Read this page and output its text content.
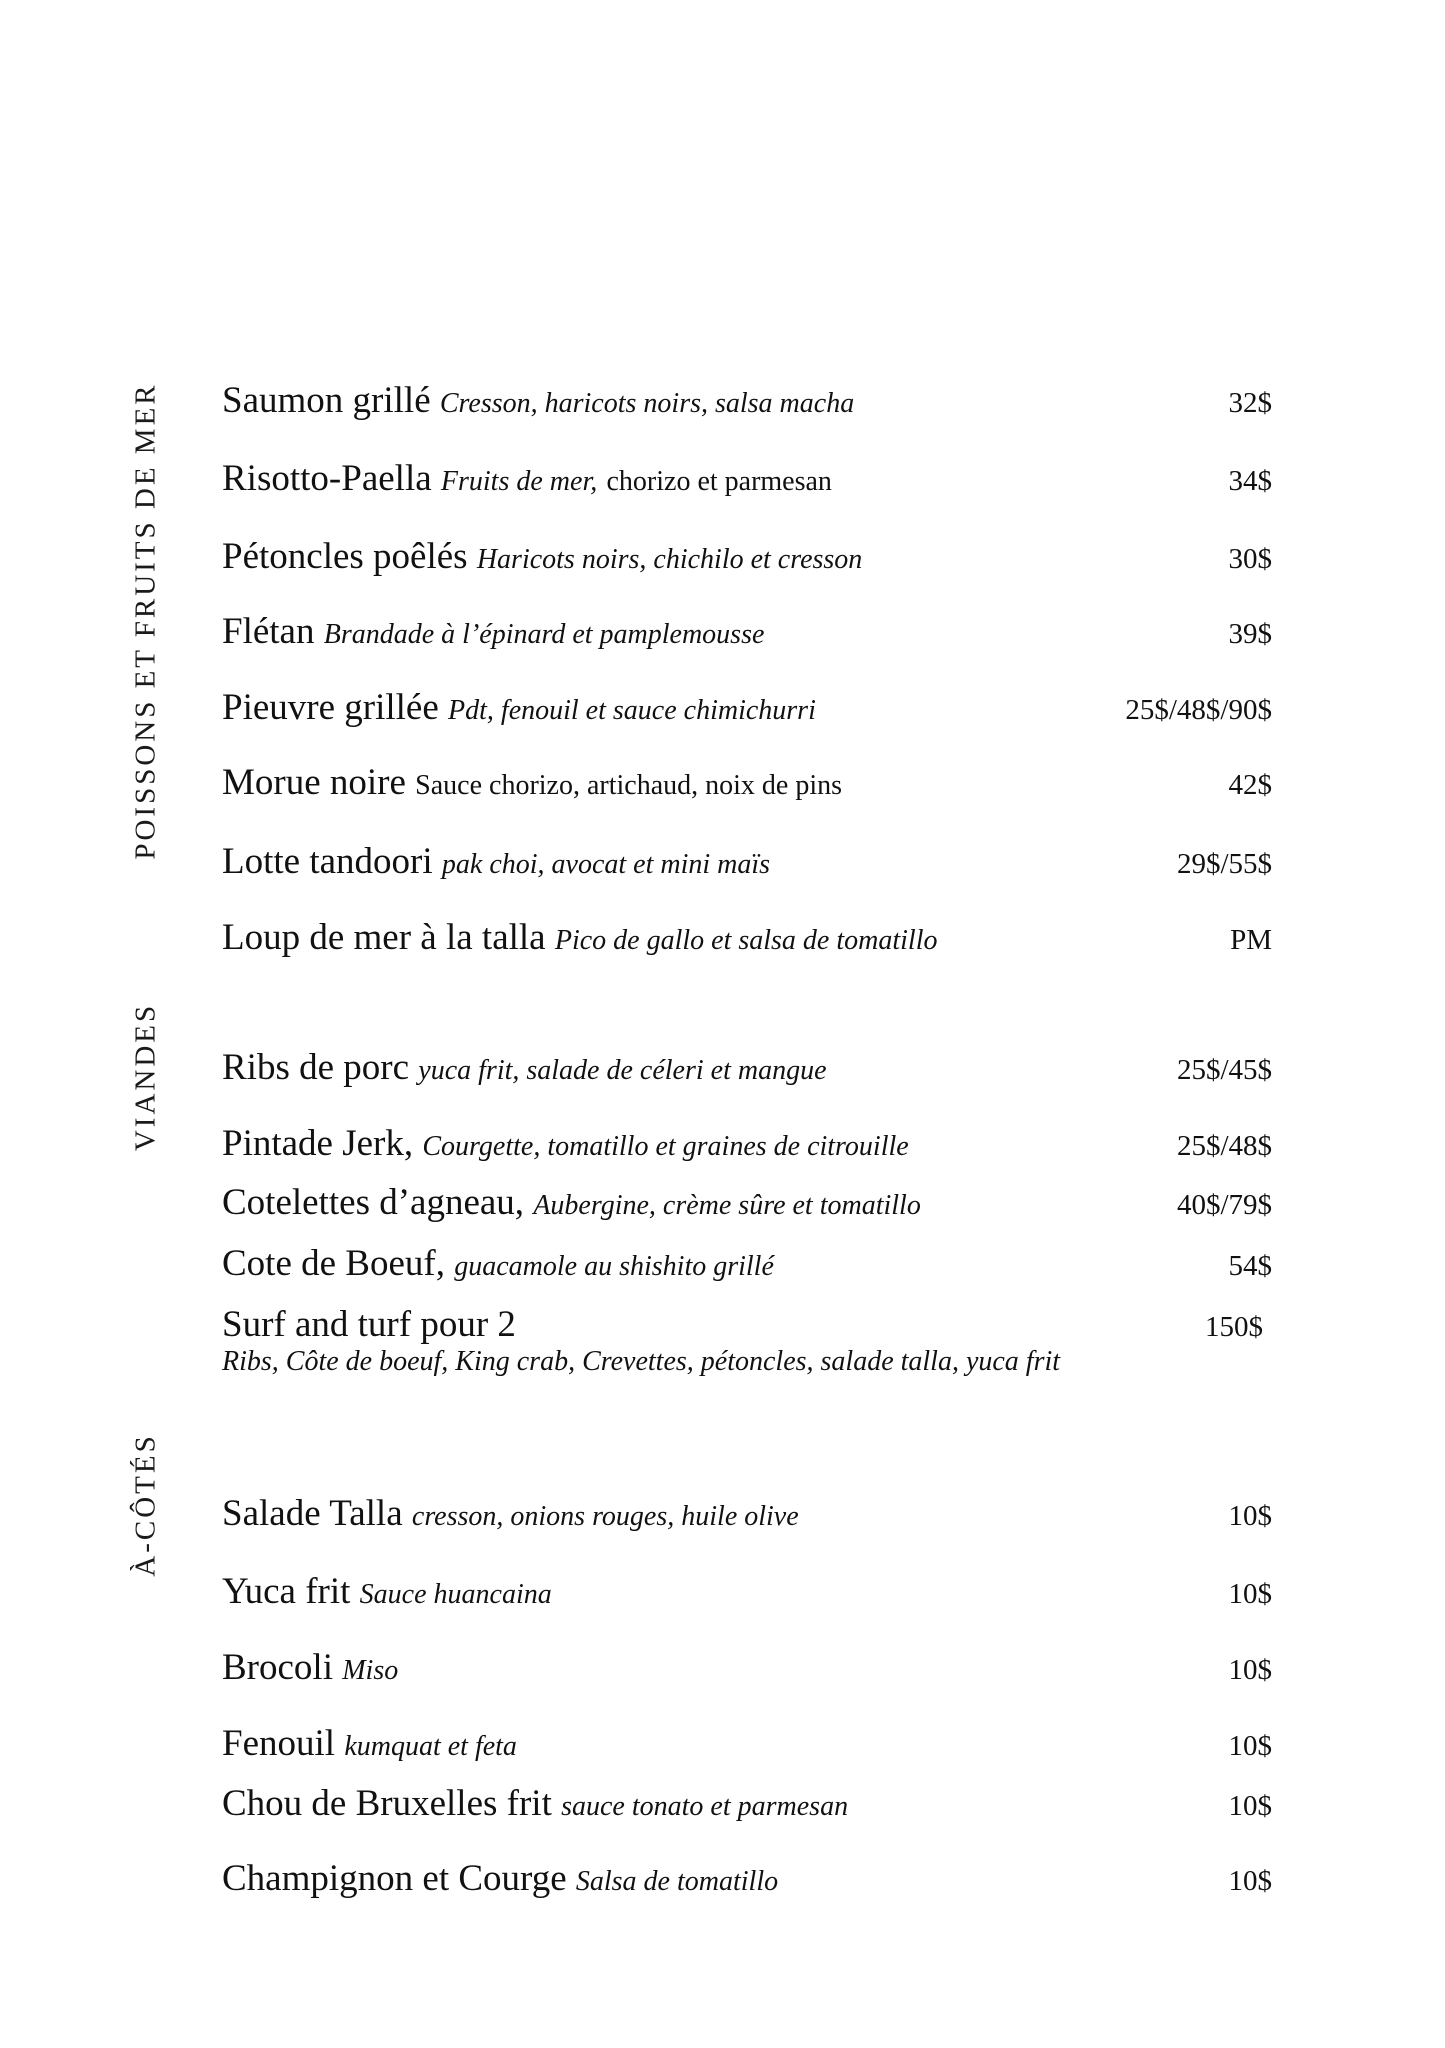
POISSONS ET FRUITS DE MER
VIANDES
À-CÔTÉS
Saumon grillé Cresson, haricots noirs, salsa macha	32$
Risotto-Paella Fruits de mer, chorizo et parmesan	34$
Pétoncles poêlés Haricots noirs, chichilo et cresson	30$
Flétan Brandade à l’épinard et pamplemousse	39$
Pieuvre grillée Pdt, fenouil et sauce chimichurri	25$/48$/90$
Morue noire Sauce chorizo, artichaud, noix de pins	42$
Lotte tandoori pak choi, avocat et mini maïs	29$/55$
Loup de mer à la talla Pico de gallo et salsa de tomatillo	PM
Ribs de porc yuca frit, salade de céleri et mangue	25$/45$
Pintade Jerk, Courgette, tomatillo et graines de citrouille	25$/48$
Cotelettes d’agneau, Aubergine, crème sûre et tomatillo	40$/79$
Cote de Boeuf, guacamole au shishito grillé	54$
Surf and turf pour 2	150$
Ribs, Côte de boeuf, King crab, Crevettes, pétoncles, salade talla, yuca frit
Salade Talla cresson, onions rouges, huile olive	10$
Yuca frit Sauce huancaina	10$
Brocoli Miso	10$
Fenouil kumquat et feta	10$
Chou de Bruxelles frit sauce tonato et parmesan	10$
Champignon et Courge Salsa de tomatillo	10$
